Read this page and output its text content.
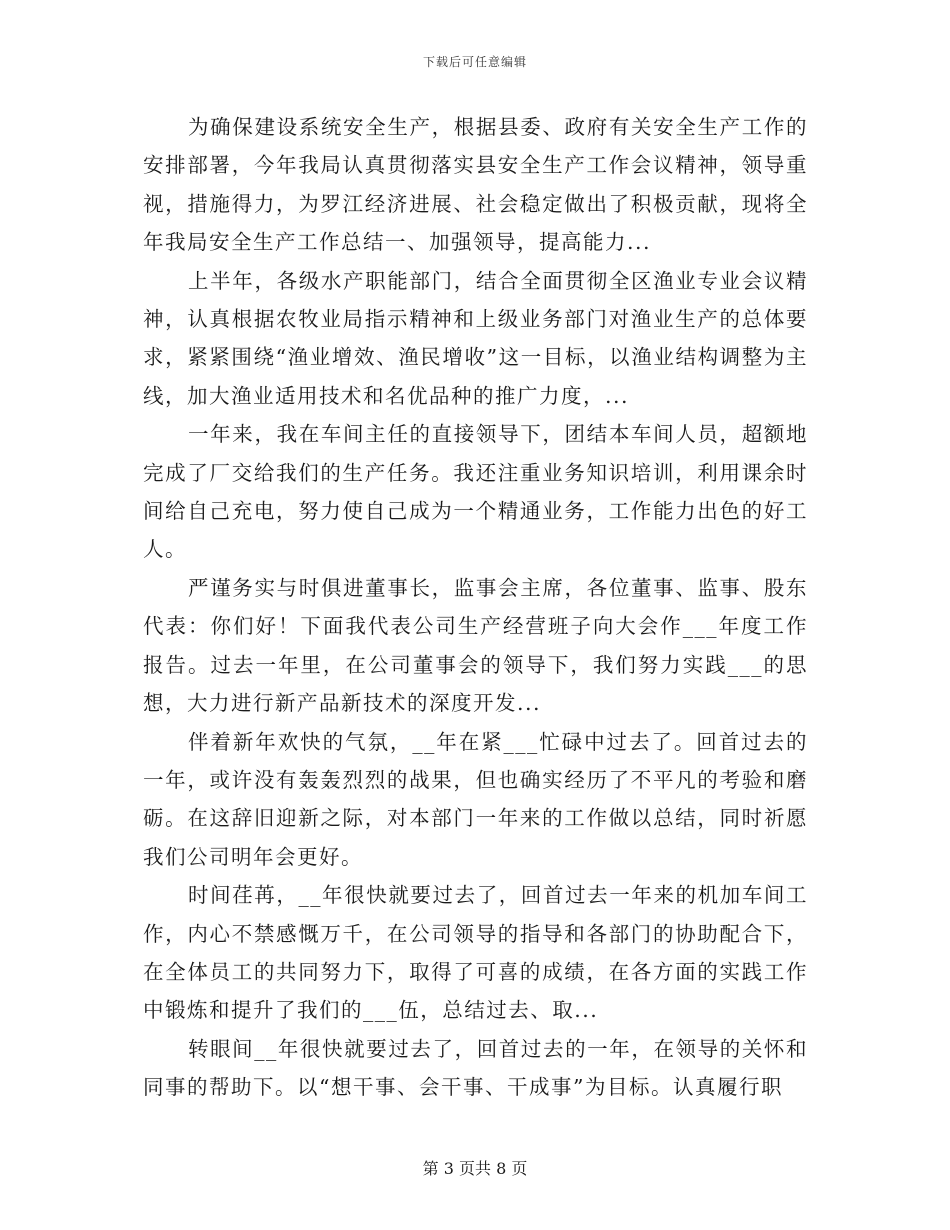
下载后可任意编辑

为确保建设系统安全生产，根据县委、政府有关安全生产工作的安排部署，今年我局认真贯彻落实县安全生产工作会议精神，领导重视，措施得力，为罗江经济进展、社会稳定做出了积极贡献，现将全年我局安全生产工作总结一、加强领导，提高能力...

上半年，各级水产职能部门，结合全面贯彻全区渔业专业会议精神，认真根据农牧业局指示精神和上级业务部门对渔业生产的总体要求，紧紧围绕“渔业增效、渔民增收”这一目标，以渔业结构调整为主线，加大渔业适用技术和名优品种的推广力度，...

一年来，我在车间主任的直接领导下，团结本车间人员，超额地完成了厂交给我们的生产任务。我还注重业务知识培训，利用课余时间给自己充电，努力使自己成为一个精通业务，工作能力出色的好工人。

严谨务实与时俱进董事长，监事会主席，各位董事、监事、股东代表：你们好！下面我代表公司生产经营班子向大会作___年度工作报告。过去一年里，在公司董事会的领导下，我们努力实践___的思想，大力进行新产品新技术的深度开发...

伴着新年欢快的气氛，__年在紧___忙碌中过去了。回首过去的一年，或许没有轰轰烈烈的战果，但也确实经历了不平凡的考验和磨砺。在这辞旧迎新之际，对本部门一年来的工作做以总结，同时祈愿我们公司明年会更好。

时间荏苒，__年很快就要过去了，回首过去一年来的机加车间工作，内心不禁感慨万千，在公司领导的指导和各部门的协助配合下，在全体员工的共同努力下，取得了可喜的成绩，在各方面的实践工作中锻炼和提升了我们的___伍，总结过去、取...

转眼间__年很快就要过去了，回首过去的一年，在领导的关怀和同事的帮助下。以“想干事、会干事、干成事”为目标。认真履行职

第 3 页共 8 页
